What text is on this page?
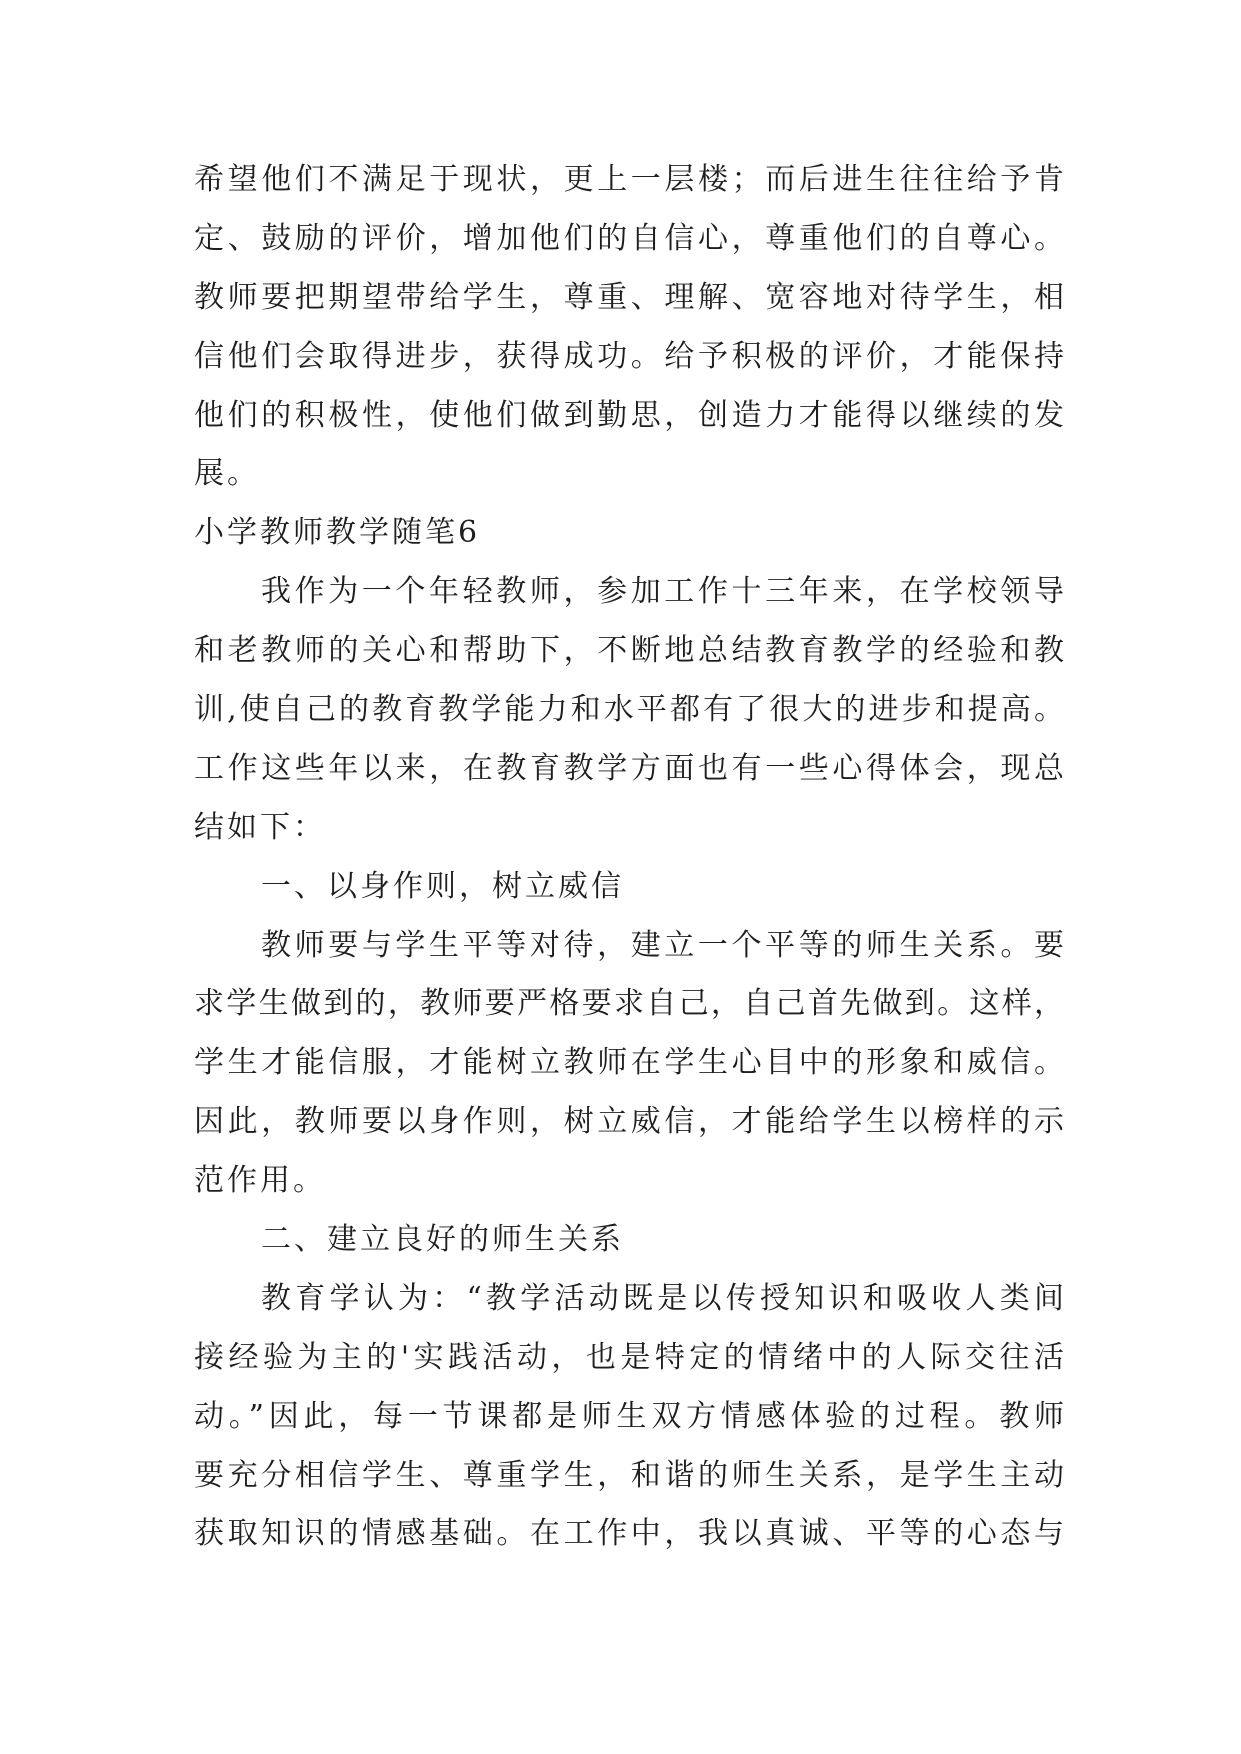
希望他们不满足于现状，更上一层楼；而后进生往往给予肯
定、鼓励的评价，增加他们的自信心，尊重他们的自尊心。
教师要把期望带给学生，尊重、理解、宽容地对待学生，相
信他们会取得进步，获得成功。给予积极的评价，才能保持
他们的积极性，使他们做到勤思，创造力才能得以继续的发
展。
小学教师教学随笔6
我作为一个年轻教师，参加工作十三年来，在学校领导
和老教师的关心和帮助下，不断地总结教育教学的经验和教
训,使自己的教育教学能力和水平都有了很大的进步和提高。
工作这些年以来，在教育教学方面也有一些心得体会，现总
结如下：
一、以身作则，树立威信
教师要与学生平等对待，建立一个平等的师生关系。要
求学生做到的，教师要严格要求自己，自己首先做到。这样，
学生才能信服，才能树立教师在学生心目中的形象和威信。
因此，教师要以身作则，树立威信，才能给学生以榜样的示
范作用。
二、建立良好的师生关系
教育学认为：“教学活动既是以传授知识和吸收人类间
接经验为主的'实践活动，也是特定的情绪中的人际交往活
动。”因此，每一节课都是师生双方情感体验的过程。教师
要充分相信学生、尊重学生，和谐的师生关系，是学生主动
获取知识的情感基础。在工作中，我以真诚、平等的心态与
